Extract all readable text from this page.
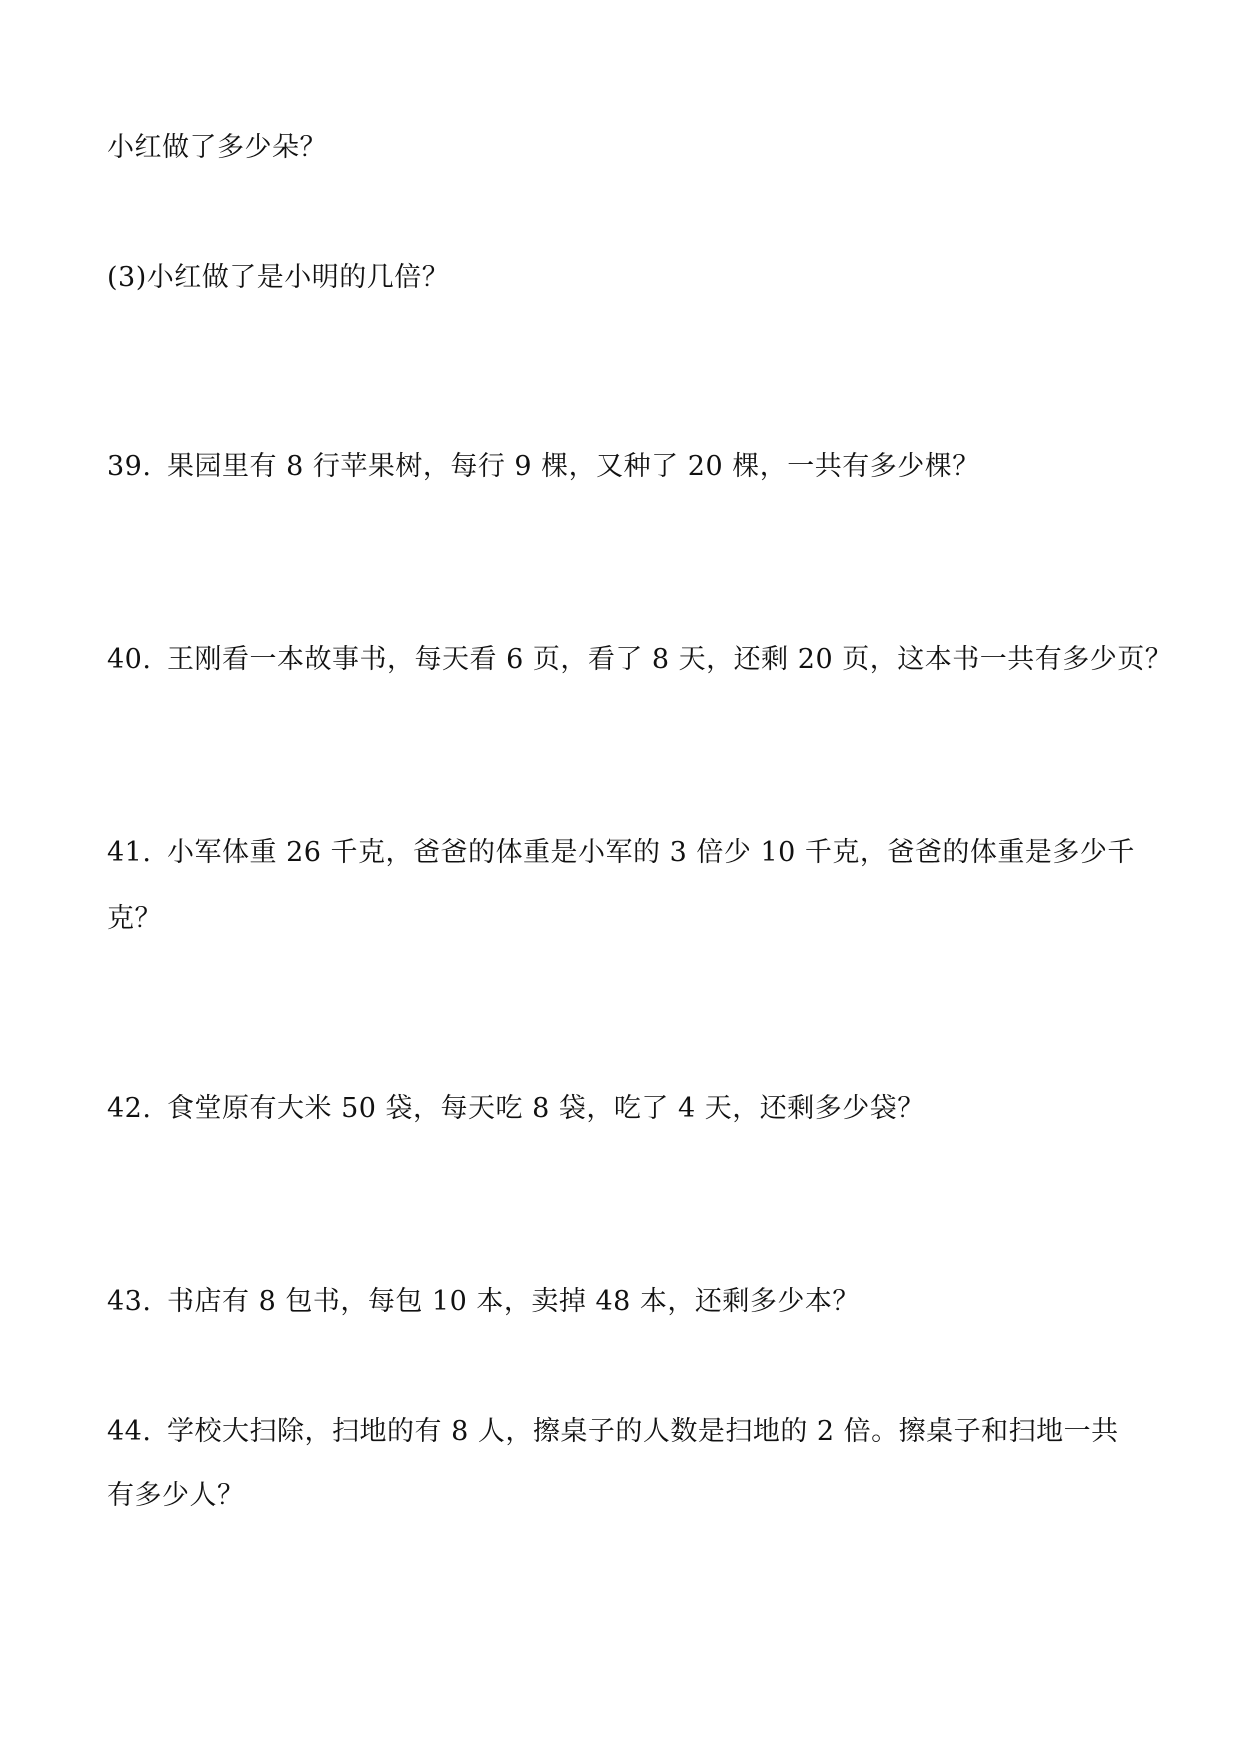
小红做了多少朵？
(3)小红做了是小明的几倍？
39. 果园里有 8 行苹果树，每行 9 棵，又种了 20 棵，一共有多少棵？
40. 王刚看一本故事书，每天看 6 页，看了 8 天，还剩 20 页，这本书一共有多少页？
41. 小军体重 26 千克，爸爸的体重是小军的 3 倍少 10 千克，爸爸的体重是多少千
克？
42. 食堂原有大米 50 袋，每天吃 8 袋，吃了 4 天，还剩多少袋？
43. 书店有 8 包书，每包 10 本，卖掉 48 本，还剩多少本？
44. 学校大扫除，扫地的有 8 人，擦桌子的人数是扫地的 2 倍。擦桌子和扫地一共
有多少人？
